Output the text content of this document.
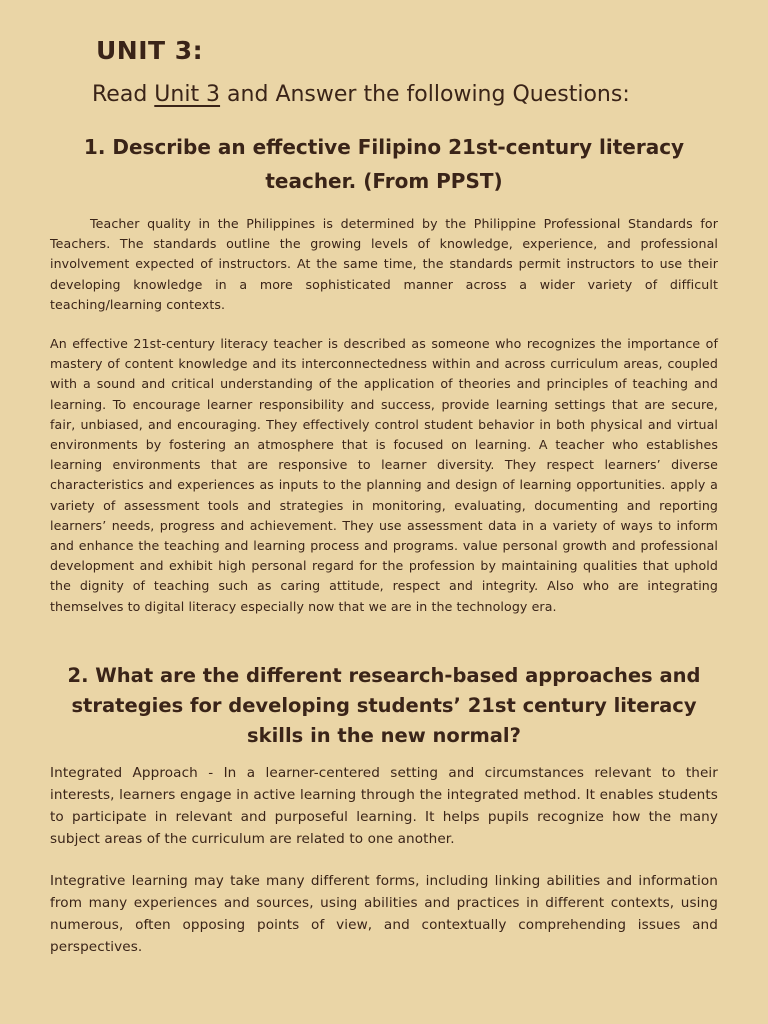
UNIT 3:

Read Unit 3 and Answer the following Questions:

1. Describe an effective Filipino 21st-century literacy teacher. (From PPST)

Teacher quality in the Philippines is determined by the Philippine Professional Standards for Teachers. The standards outline the growing levels of knowledge, experience, and professional involvement expected of instructors. At the same time, the standards permit instructors to use their developing knowledge in a more sophisticated manner across a wider variety of difficult teaching/learning contexts.

An effective 21st-century literacy teacher is described as someone who recognizes the importance of mastery of content knowledge and its interconnectedness within and across curriculum areas, coupled with a sound and critical understanding of the application of theories and principles of teaching and learning. To encourage learner responsibility and success, provide learning settings that are secure, fair, unbiased, and encouraging. They effectively control student behavior in both physical and virtual environments by fostering an atmosphere that is focused on learning. A teacher who establishes learning environments that are responsive to learner diversity. They respect learners’ diverse characteristics and experiences as inputs to the planning and design of learning opportunities. apply a variety of assessment tools and strategies in monitoring, evaluating, documenting and reporting learners’ needs, progress and achievement. They use assessment data in a variety of ways to inform and enhance the teaching and learning process and programs. value personal growth and professional development and exhibit high personal regard for the profession by maintaining qualities that uphold the dignity of teaching such as caring attitude, respect and integrity. Also who are integrating themselves to digital literacy especially now that we are in the technology era.

2. What are the different research-based approaches and strategies for developing students’ 21st century literacy skills in the new normal?

Integrated Approach - In a learner-centered setting and circumstances relevant to their interests, learners engage in active learning through the integrated method. It enables students to participate in relevant and purposeful learning. It helps pupils recognize how the many subject areas of the curriculum are related to one another.

Integrative learning may take many different forms, including linking abilities and information from many experiences and sources, using abilities and practices in different contexts, using numerous, often opposing points of view, and contextually comprehending issues and perspectives.
